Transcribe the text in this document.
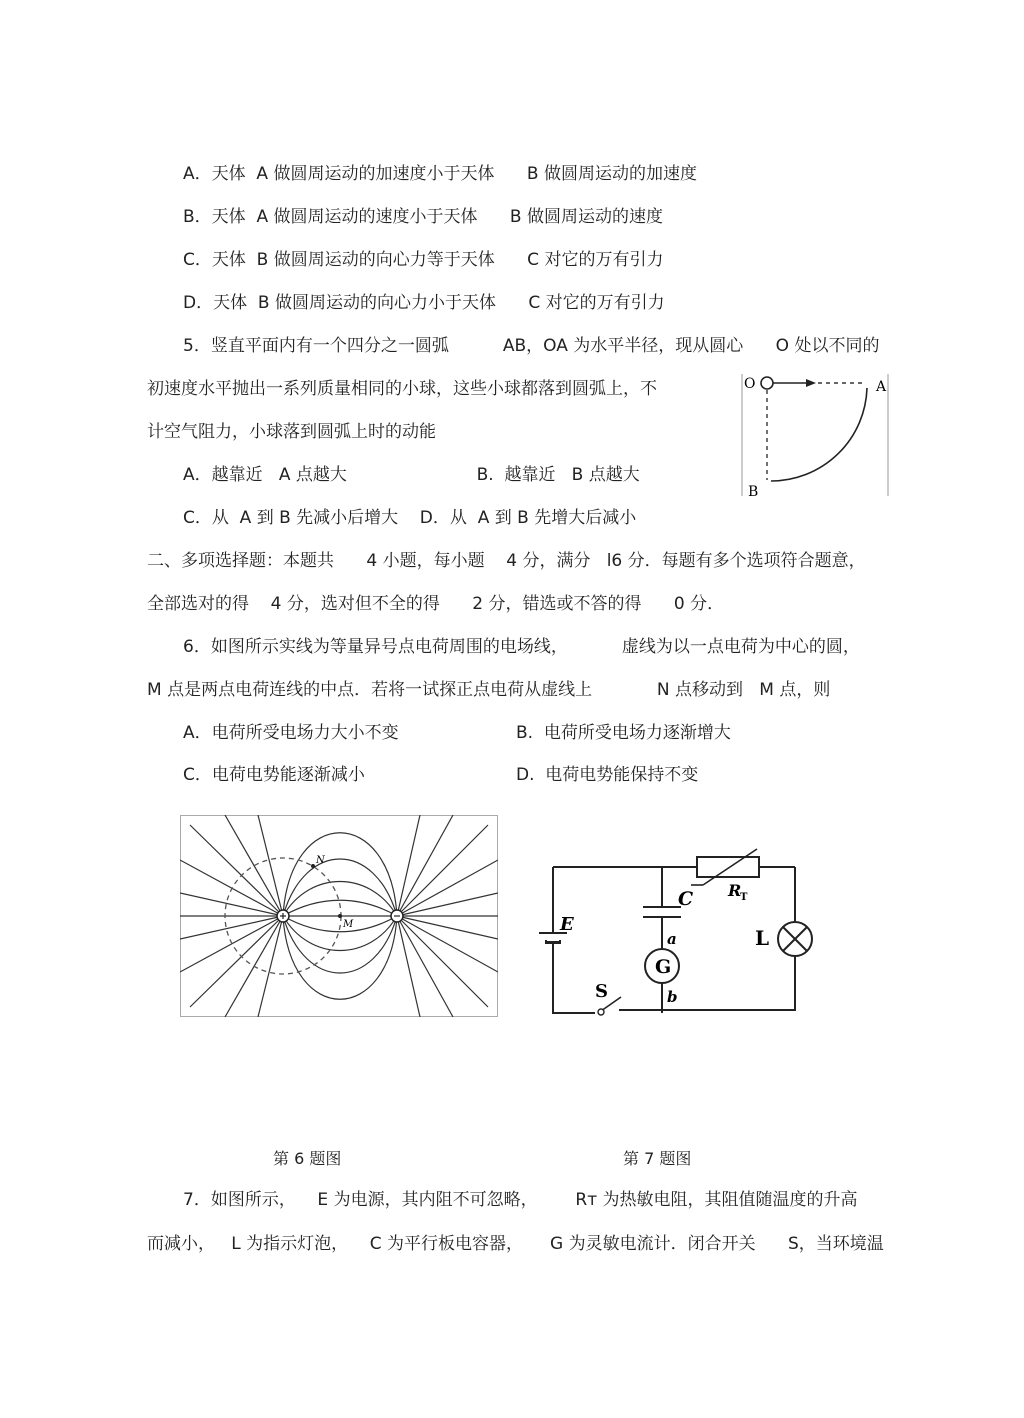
A．天体  A 做圆周运动的加速度小于天体      B 做圆周运动的加速度
B．天体  A 做圆周运动的速度小于天体      B 做圆周运动的速度
C．天体  B 做圆周运动的向心力等于天体      C 对它的万有引力
D．天体  B 做圆周运动的向心力小于天体      C 对它的万有引力
5．竖直平面内有一个四分之一圆弧          AB，OA 为水平半径，现从圆心      O 处以不同的
初速度水平抛出一系列质量相同的小球，这些小球都落到圆弧上，不
计空气阻力，小球落到圆弧上时的动能
A．越靠近   A 点越大                        B.  越靠近   B 点越大
C．从  A 到 B 先减小后增大    D．从  A 到 B 先增大后减小
O	A
B
二、多项选择题：本题共      4 小题，每小题    4 分，满分   l6 分．每题有多个选项符合题意，
全部选对的得    4 分，选对但不全的得      2 分，错选或不答的得      0 分．
6．如图所示实线为等量异号点电荷周围的电场线，          虚线为以一点电荷为中心的圆，
M 点是两点电荷连线的中点．若将一试探正点电荷从虚线上            N 点移动到   M 点，则
A．电荷所受电场力大小不变	B.  电荷所受电场力逐渐增大
C．电荷电势能逐渐减小	D.  电荷电势能保持不变
M
N
E
C R
T
L
G
a
b
S
第 6 题图	第 7 题图
7．如图所示，    E 为电源，其内阻不可忽略，       Rт 为热敏电阻，其阻值随温度的升高
而减小，   L 为指示灯泡，    C 为平行板电容器，     G 为灵敏电流计．闭合开关      S，当环境温
